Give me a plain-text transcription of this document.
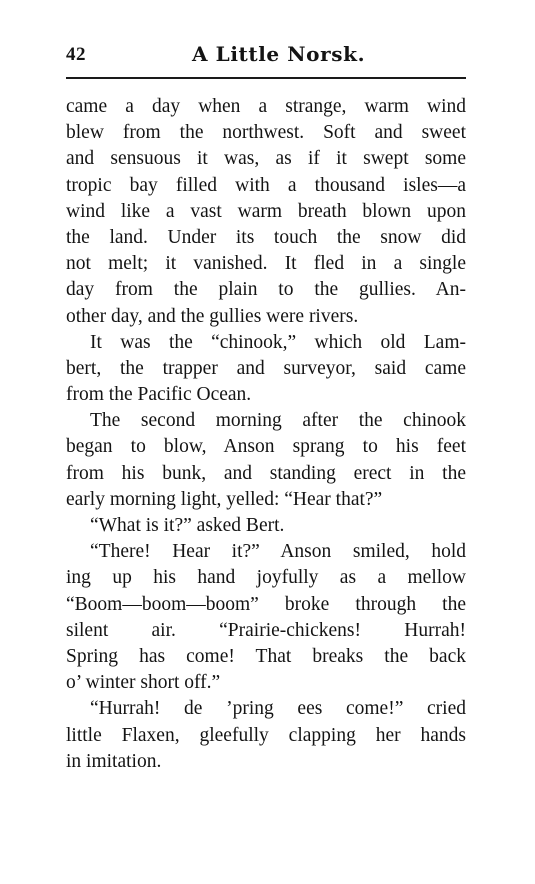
42	A Little Norsk.
came a day when a strange, warm wind
blew from the northwest. Soft and sweet
and sensuous it was, as if it swept some
tropic bay filled with a thousand isles—a
wind like a vast warm breath blown upon
the land. Under its touch the snow did
not melt; it vanished. It fled in a single
day from the plain to the gullies. An-
other day, and the gullies were rivers.
It was the “chinook,” which old Lam-
bert, the trapper and surveyor, said came
from the Pacific Ocean.
The second morning after the chinook
began to blow, Anson sprang to his feet
from his bunk, and standing erect in the
early morning light, yelled: “Hear that?”
“What is it?” asked Bert.
“There! Hear it?” Anson smiled, hold
ing up his hand joyfully as a mellow
“Boom—boom—boom” broke through the
silent air. “Prairie-chickens! Hurrah!
Spring has come! That breaks the back
o’ winter short off.”
“Hurrah! de ’pring ees come!” cried
little Flaxen, gleefully clapping her hands
in imitation.
